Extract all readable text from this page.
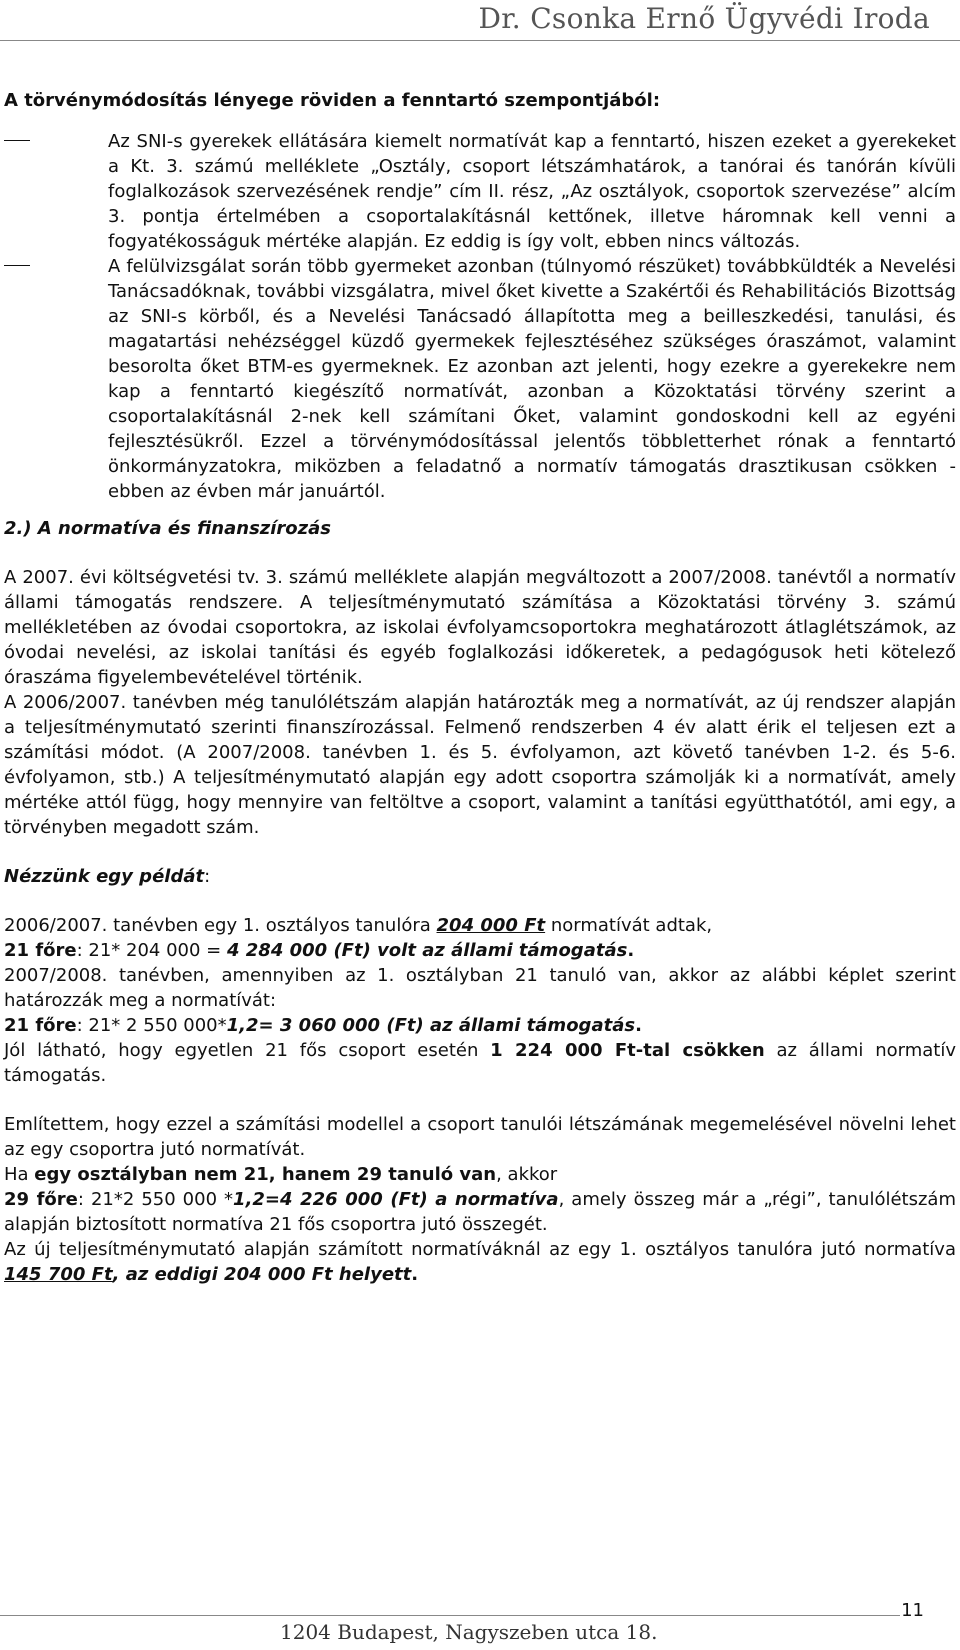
Dr. Csonka Ernő Ügyvédi Iroda

A törvénymódosítás lényege röviden a fenntartó szempontjából:

Az SNI-s gyerekek ellátására kiemelt normatívát kap a fenntartó, hiszen ezeket a gyerekeket a Kt. 3. számú melléklete „Osztály, csoport létszámhatárok, a tanórai és tanórán kívüli foglalkozások szervezésének rendje” cím II. rész, „Az osztályok, csoportok szervezése” alcím 3. pontja értelmében a csoportalakításnál kettőnek, illetve háromnak kell venni a fogyatékosságuk mértéke alapján. Ez eddig is így volt, ebben nincs változás.

A felülvizsgálat során több gyermeket azonban (túlnyomó részüket) továbbküldték a Nevelési Tanácsadóknak, további vizsgálatra, mivel őket kivette a Szakértői és Rehabilitációs Bizottság az SNI-s körből, és a Nevelési Tanácsadó állapította meg a beilleszkedési, tanulási, és magatartási nehézséggel küzdő gyermekek fejlesztéséhez szükséges óraszámot, valamint besorolta őket BTM-es gyermeknek. Ez azonban azt jelenti, hogy ezekre a gyerekekre nem kap a fenntartó kiegészítő normatívát, azonban a Közoktatási törvény szerint a csoportalakításnál 2-nek kell számítani Őket, valamint gondoskodni kell az egyéni fejlesztésükről. Ezzel a törvénymódosítással jelentős többletterhet rónak a fenntartó önkormányzatokra, miközben a feladatnő a normatív támogatás drasztikusan csökken - ebben az évben már januártól.

2.) A normatíva és finanszírozás

A 2007. évi költségvetési tv. 3. számú melléklete alapján megváltozott a 2007/2008. tanévtől a normatív állami támogatás rendszere. A teljesítménymutató számítása a Közoktatási törvény 3. számú mellékletében az óvodai csoportokra, az iskolai évfolyamcsoportokra meghatározott átlaglétszámok, az óvodai nevelési, az iskolai tanítási és egyéb foglalkozási időkeretek, a pedagógusok heti kötelező óraszáma figyelembevételével történik.

A 2006/2007. tanévben még tanulólétszám alapján határozták meg a normatívát, az új rendszer alapján a teljesítménymutató szerinti finanszírozással. Felmenő rendszerben 4 év alatt érik el teljesen ezt a számítási módot. (A 2007/2008. tanévben 1. és 5. évfolyamon, azt követő tanévben 1-2. és 5-6. évfolyamon, stb.) A teljesítménymutató alapján egy adott csoportra számolják ki a normatívát, amely mértéke attól függ, hogy mennyire van feltöltve a csoport, valamint a tanítási együtthatótól, ami egy, a törvényben megadott szám.

Nézzünk egy példát:

2006/2007. tanévben egy 1. osztályos tanulóra 204 000 Ft normatívát adtak,

21 főre: 21* 204 000 = 4 284 000 (Ft) volt az állami támogatás.

2007/2008. tanévben, amennyiben az 1. osztályban 21 tanuló van, akkor az alábbi képlet szerint határozzák meg a normatívát:

21 főre: 21* 2 550 000*1,2= 3 060 000 (Ft) az állami támogatás.

Jól látható, hogy egyetlen 21 fős csoport esetén 1 224 000 Ft-tal csökken az állami normatív támogatás.

Említettem, hogy ezzel a számítási modellel a csoport tanulói létszámának megemelésével növelni lehet az egy csoportra jutó normatívát.

Ha egy osztályban nem 21, hanem 29 tanuló van, akkor

29 főre: 21*2 550 000 *1,2=4 226 000 (Ft) a normatíva, amely összeg már a „régi”, tanulólétszám alapján biztosított normatíva 21 fős csoportra jutó összegét.

Az új teljesítménymutató alapján számított normatíváknál az egy 1. osztályos tanulóra jutó normatíva 145 700 Ft, az eddigi 204 000 Ft helyett.

1204 Budapest, Nagyszeben utca 18.
11
